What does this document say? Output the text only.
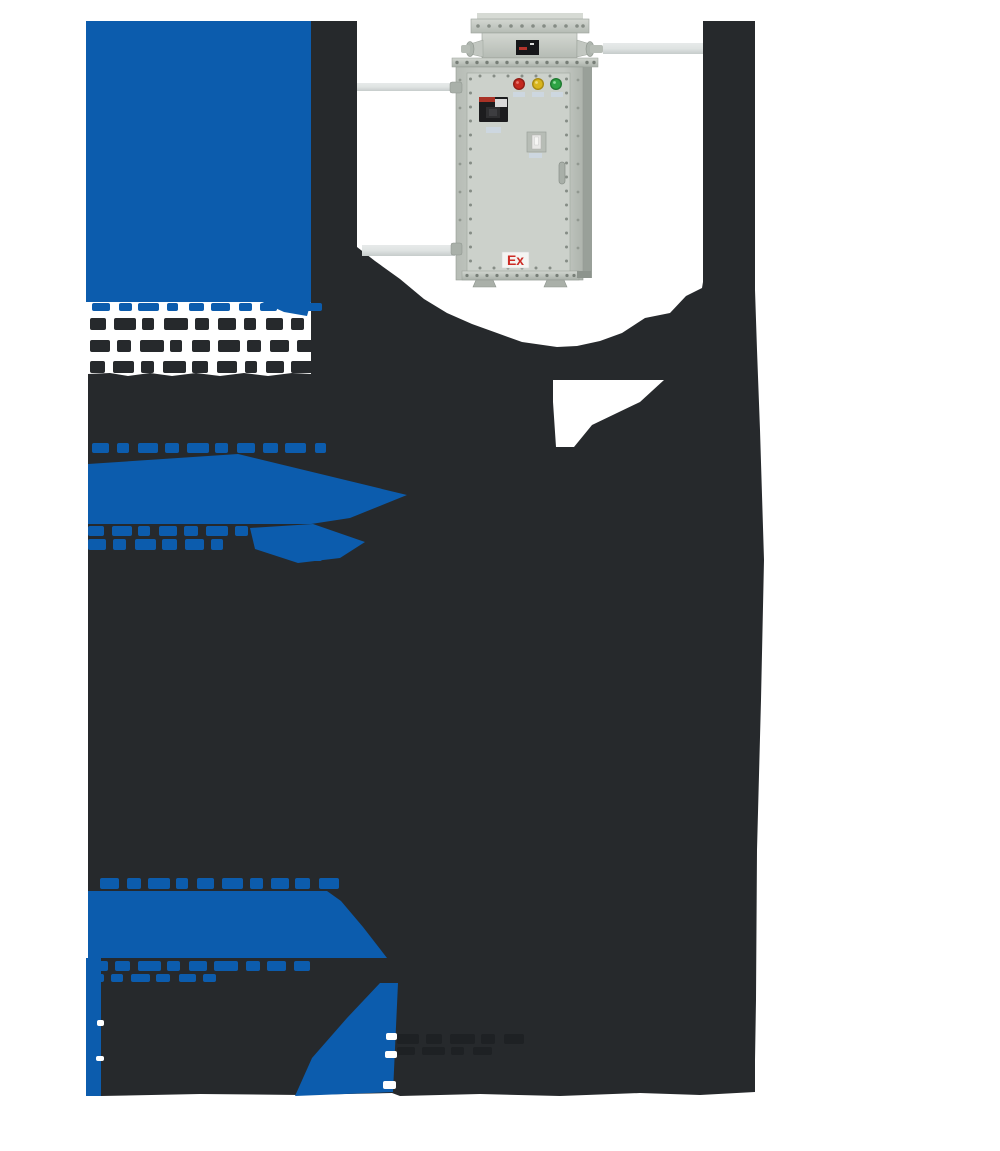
Ex
